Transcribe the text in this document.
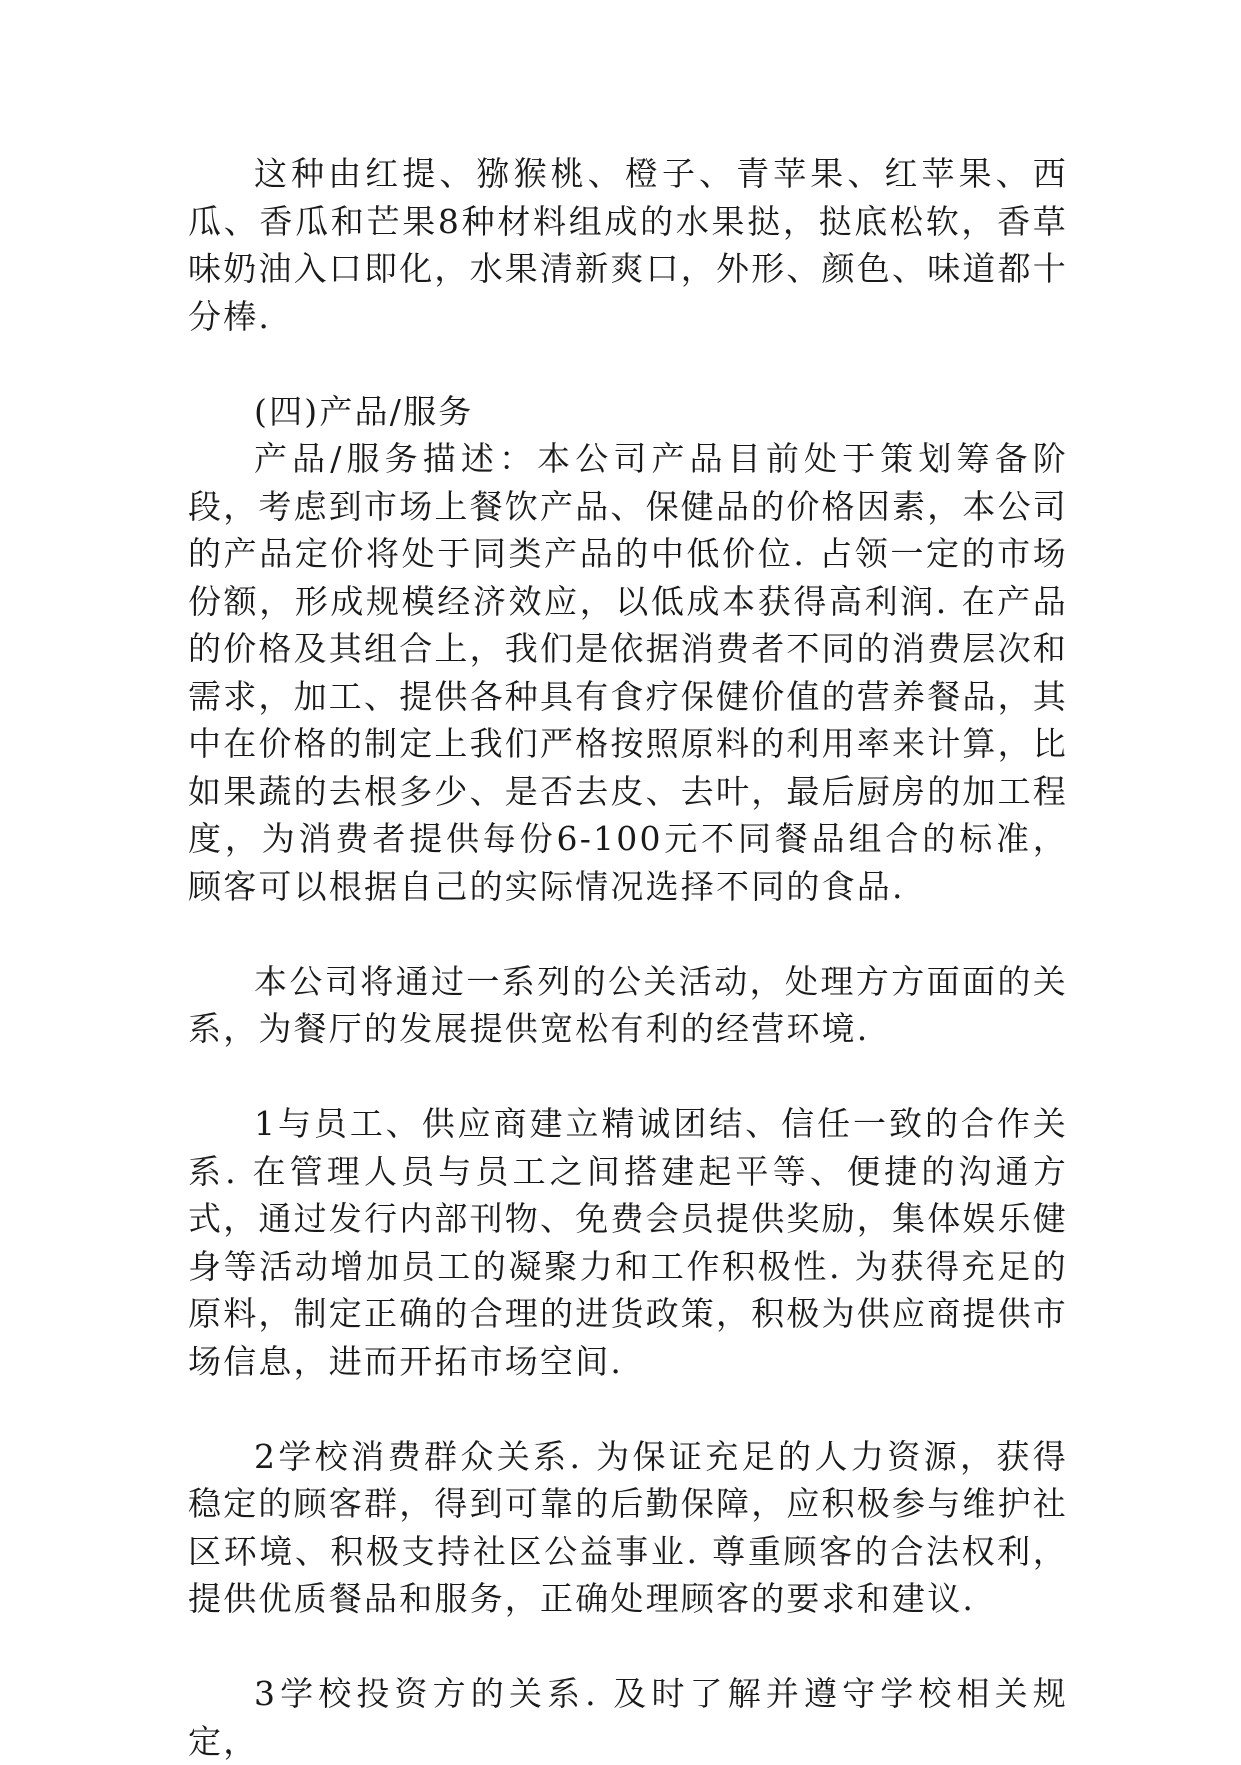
这种由红提、猕猴桃、橙子、青苹果、红苹果、西瓜、香瓜和芒果8种材料组成的水果挞，挞底松软，香草味奶油入口即化，水果清新爽口，外形、颜色、味道都十分棒.

(四)产品/服务

产品/服务描述：本公司产品目前处于策划筹备阶段，考虑到市场上餐饮产品、保健品的价格因素，本公司的产品定价将处于同类产品的中低价位. 占领一定的市场份额，形成规模经济效应，以低成本获得高利润. 在产品的价格及其组合上，我们是依据消费者不同的消费层次和需求，加工、提供各种具有食疗保健价值的营养餐品，其中在价格的制定上我们严格按照原料的利用率来计算，比如果蔬的去根多少、是否去皮、去叶，最后厨房的加工程度，为消费者提供每份6-100元不同餐品组合的标准，顾客可以根据自己的实际情况选择不同的食品.

本公司将通过一系列的公关活动，处理方方面面的关系，为餐厅的发展提供宽松有利的经营环境.

1与员工、供应商建立精诚团结、信任一致的合作关系. 在管理人员与员工之间搭建起平等、便捷的沟通方式，通过发行内部刊物、免费会员提供奖励，集体娱乐健身等活动增加员工的凝聚力和工作积极性. 为获得充足的原料，制定正确的合理的进货政策，积极为供应商提供市场信息，进而开拓市场空间.

2学校消费群众关系. 为保证充足的人力资源，获得稳定的顾客群，得到可靠的后勤保障，应积极参与维护社区环境、积极支持社区公益事业. 尊重顾客的合法权利，提供优质餐品和服务，正确处理顾客的要求和建议.

3学校投资方的关系. 及时了解并遵守学校相关规定，
